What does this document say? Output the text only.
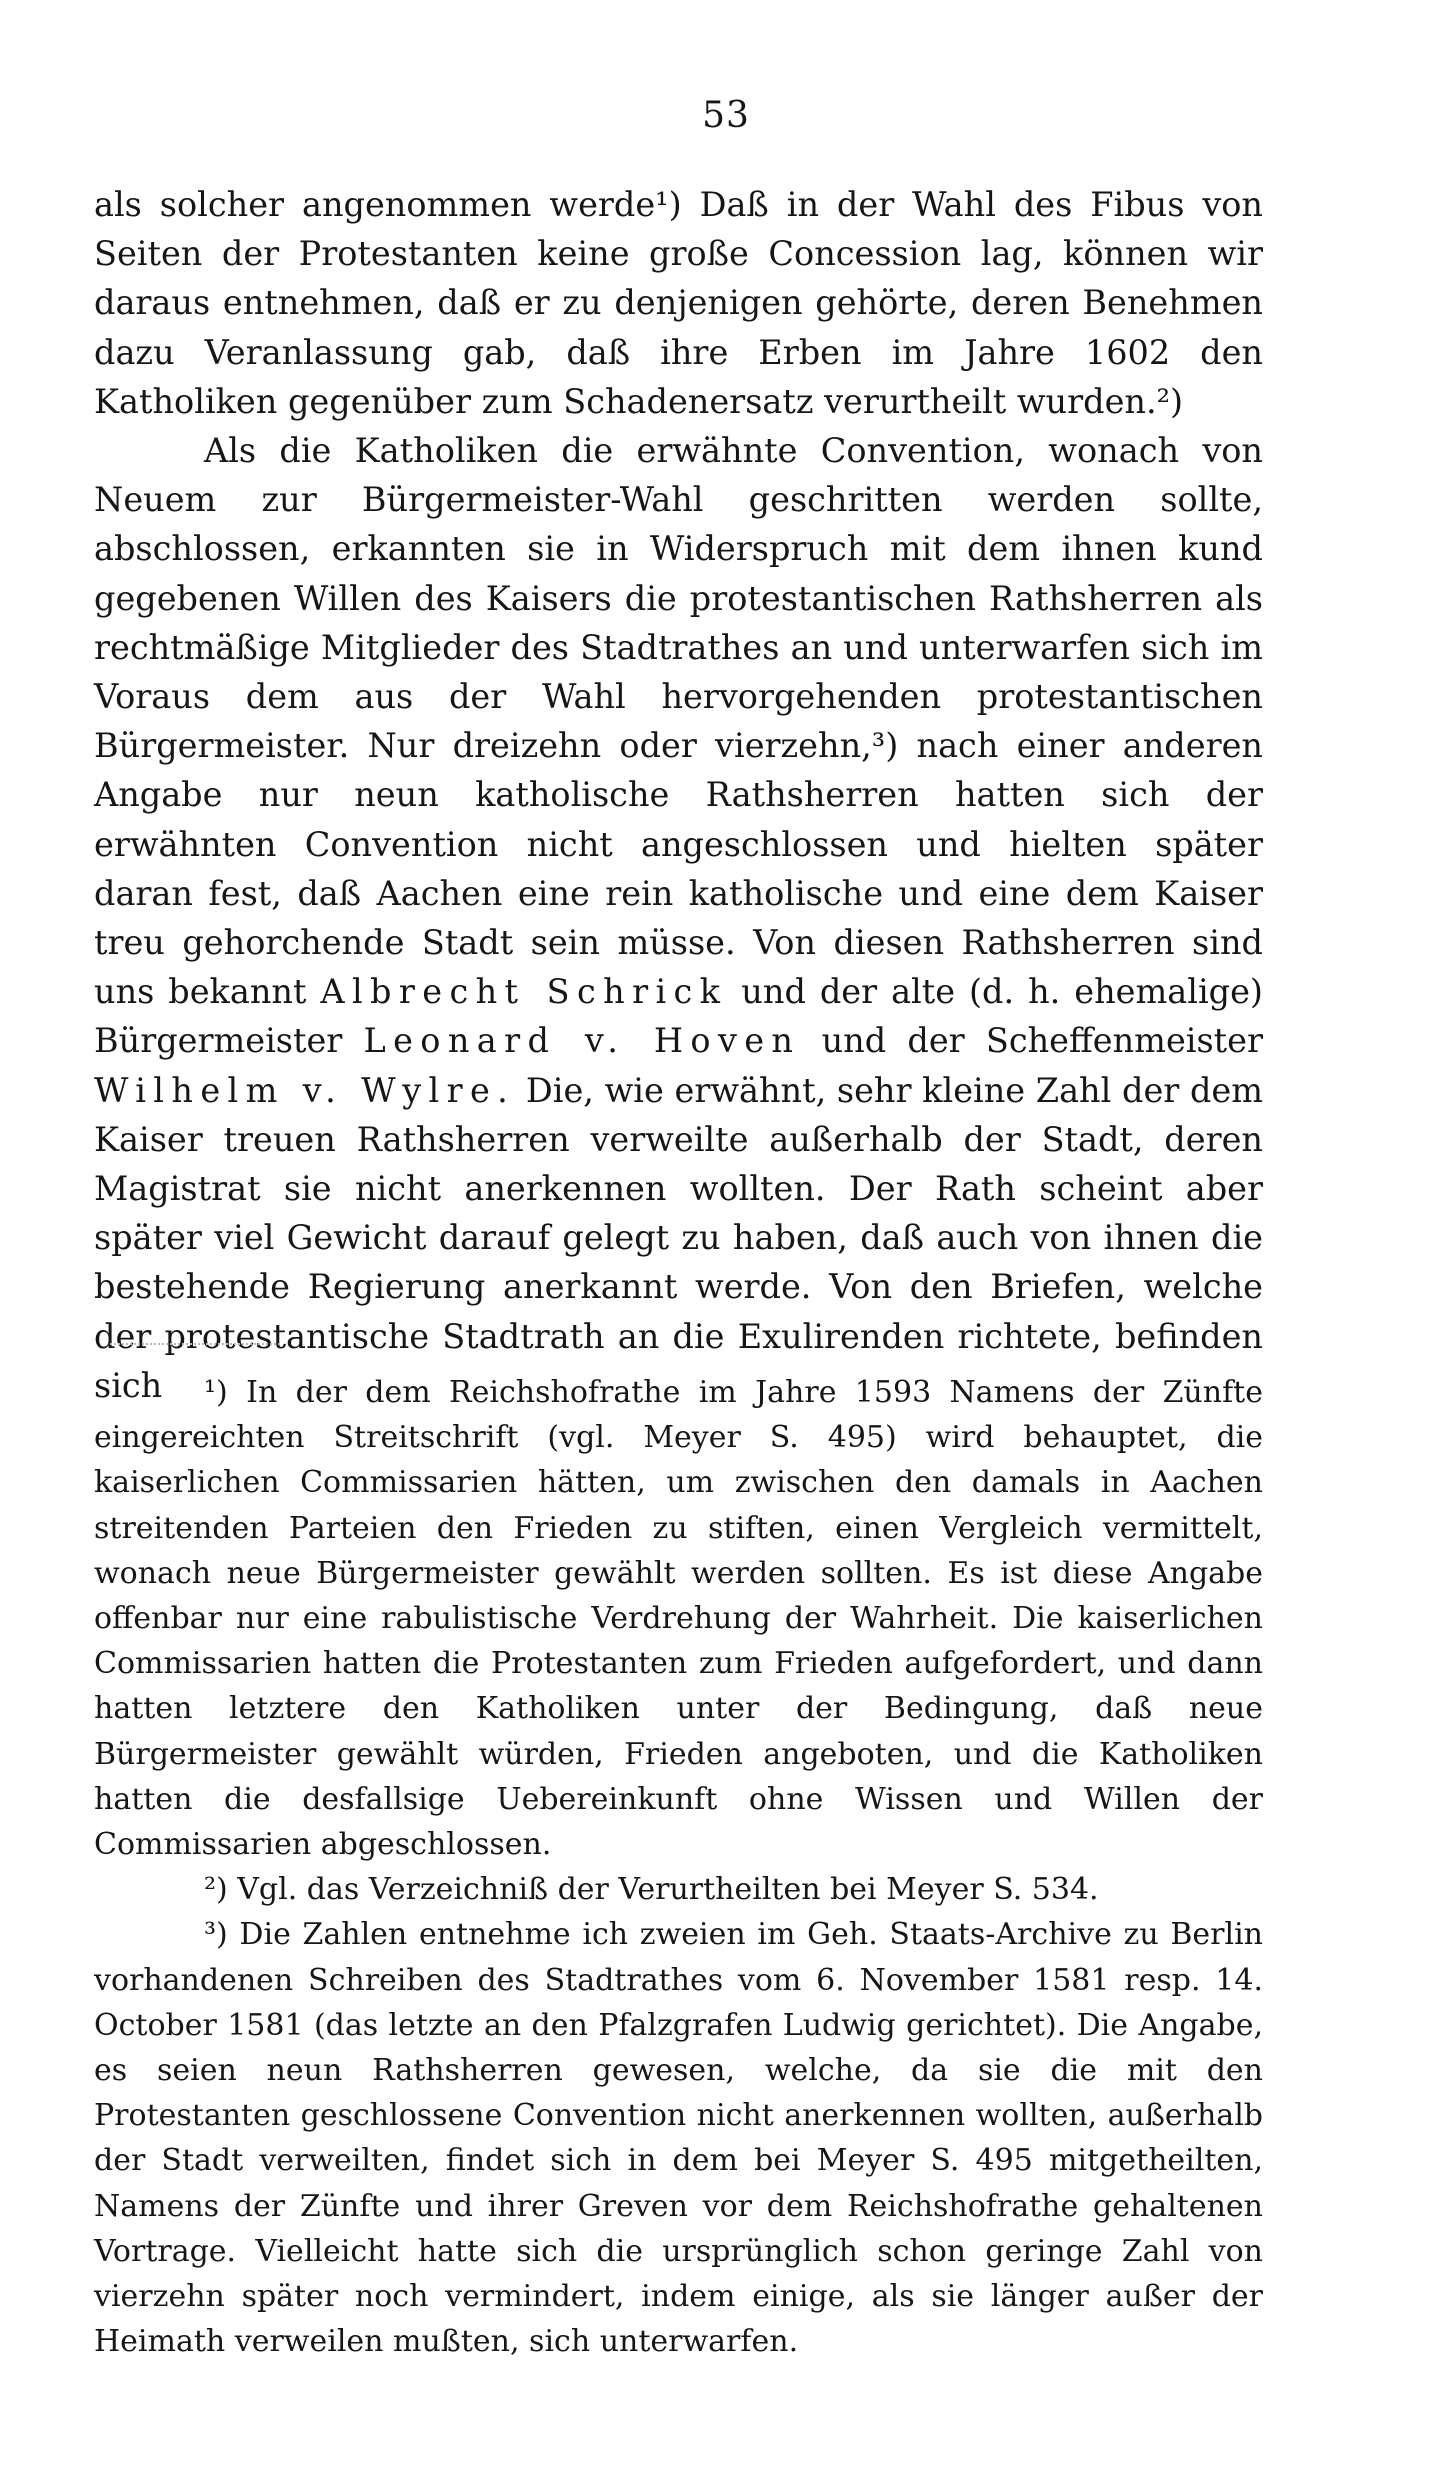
53

als solcher angenommen werde¹) Daß in der Wahl des Fibus von Seiten der Protestanten keine große Concession lag, können wir daraus entnehmen, daß er zu denjenigen gehörte, deren Benehmen dazu Veranlassung gab, daß ihre Erben im Jahre 1602 den Katholiken gegenüber zum Schadenersatz verurtheilt wurden.²)

Als die Katholiken die erwähnte Convention, wonach von Neuem zur Bürgermeister-Wahl geschritten werden sollte, abschlossen, erkannten sie in Widerspruch mit dem ihnen kund gegebenen Willen des Kaisers die protestantischen Rathsherren als rechtmäßige Mitglieder des Stadtrathes an und unterwarfen sich im Voraus dem aus der Wahl hervorgehenden protestantischen Bürgermeister. Nur dreizehn oder vierzehn,³) nach einer anderen Angabe nur neun katholische Rathsherren hatten sich der erwähnten Convention nicht angeschlossen und hielten später daran fest, daß Aachen eine rein katholische und eine dem Kaiser treu gehorchende Stadt sein müsse. Von diesen Rathsherren sind uns bekannt Albrecht Schrick und der alte (d. h. ehemalige) Bürgermeister Leonard v. Hoven und der Scheffenmeister Wilhelm v. Wylre. Die, wie erwähnt, sehr kleine Zahl der dem Kaiser treuen Rathsherren verweilte außerhalb der Stadt, deren Magistrat sie nicht anerkennen wollten. Der Rath scheint aber später viel Gewicht darauf gelegt zu haben, daß auch von ihnen die bestehende Regierung anerkannt werde. Von den Briefen, welche der protestantische Stadtrath an die Exulirenden richtete, befinden sich	¹) In der dem Reichshofrathe im Jahre 1593 Namens der Zünfte eingereichten Streitschrift (vgl. Meyer S. 495) wird behauptet, die kaiserlichen Commissarien hätten, um zwischen den damals in Aachen streitenden Parteien den Frieden zu stiften, einen Vergleich vermittelt, wonach neue Bürgermeister gewählt werden sollten. Es ist diese Angabe offenbar nur eine rabulistische Verdrehung der Wahrheit. Die kaiserlichen Commissarien hatten die Protestanten zum Frieden aufgefordert, und dann hatten letztere den Katholiken unter der Bedingung, daß neue Bürgermeister gewählt würden, Frieden angeboten, und die Katholiken hatten die desfallsige Uebereinkunft ohne Wissen und Willen der Commissarien abgeschlossen.

²) Vgl. das Verzeichniß der Verurtheilten bei Meyer S. 534.

³) Die Zahlen entnehme ich zweien im Geh. Staats-Archive zu Berlin vorhandenen Schreiben des Stadtrathes vom 6. November 1581 resp. 14. October 1581 (das letzte an den Pfalzgrafen Ludwig gerichtet). Die Angabe, es seien neun Rathsherren gewesen, welche, da sie die mit den Protestanten geschlossene Convention nicht anerkennen wollten, außerhalb der Stadt verweilten, findet sich in dem bei Meyer S. 495 mitgetheilten, Namens der Zünfte und ihrer Greven vor dem Reichshofrathe gehaltenen Vortrage. Vielleicht hatte sich die ursprünglich schon geringe Zahl von vierzehn später noch vermindert, indem einige, als sie länger außer der Heimath verweilen mußten, sich unterwarfen.
